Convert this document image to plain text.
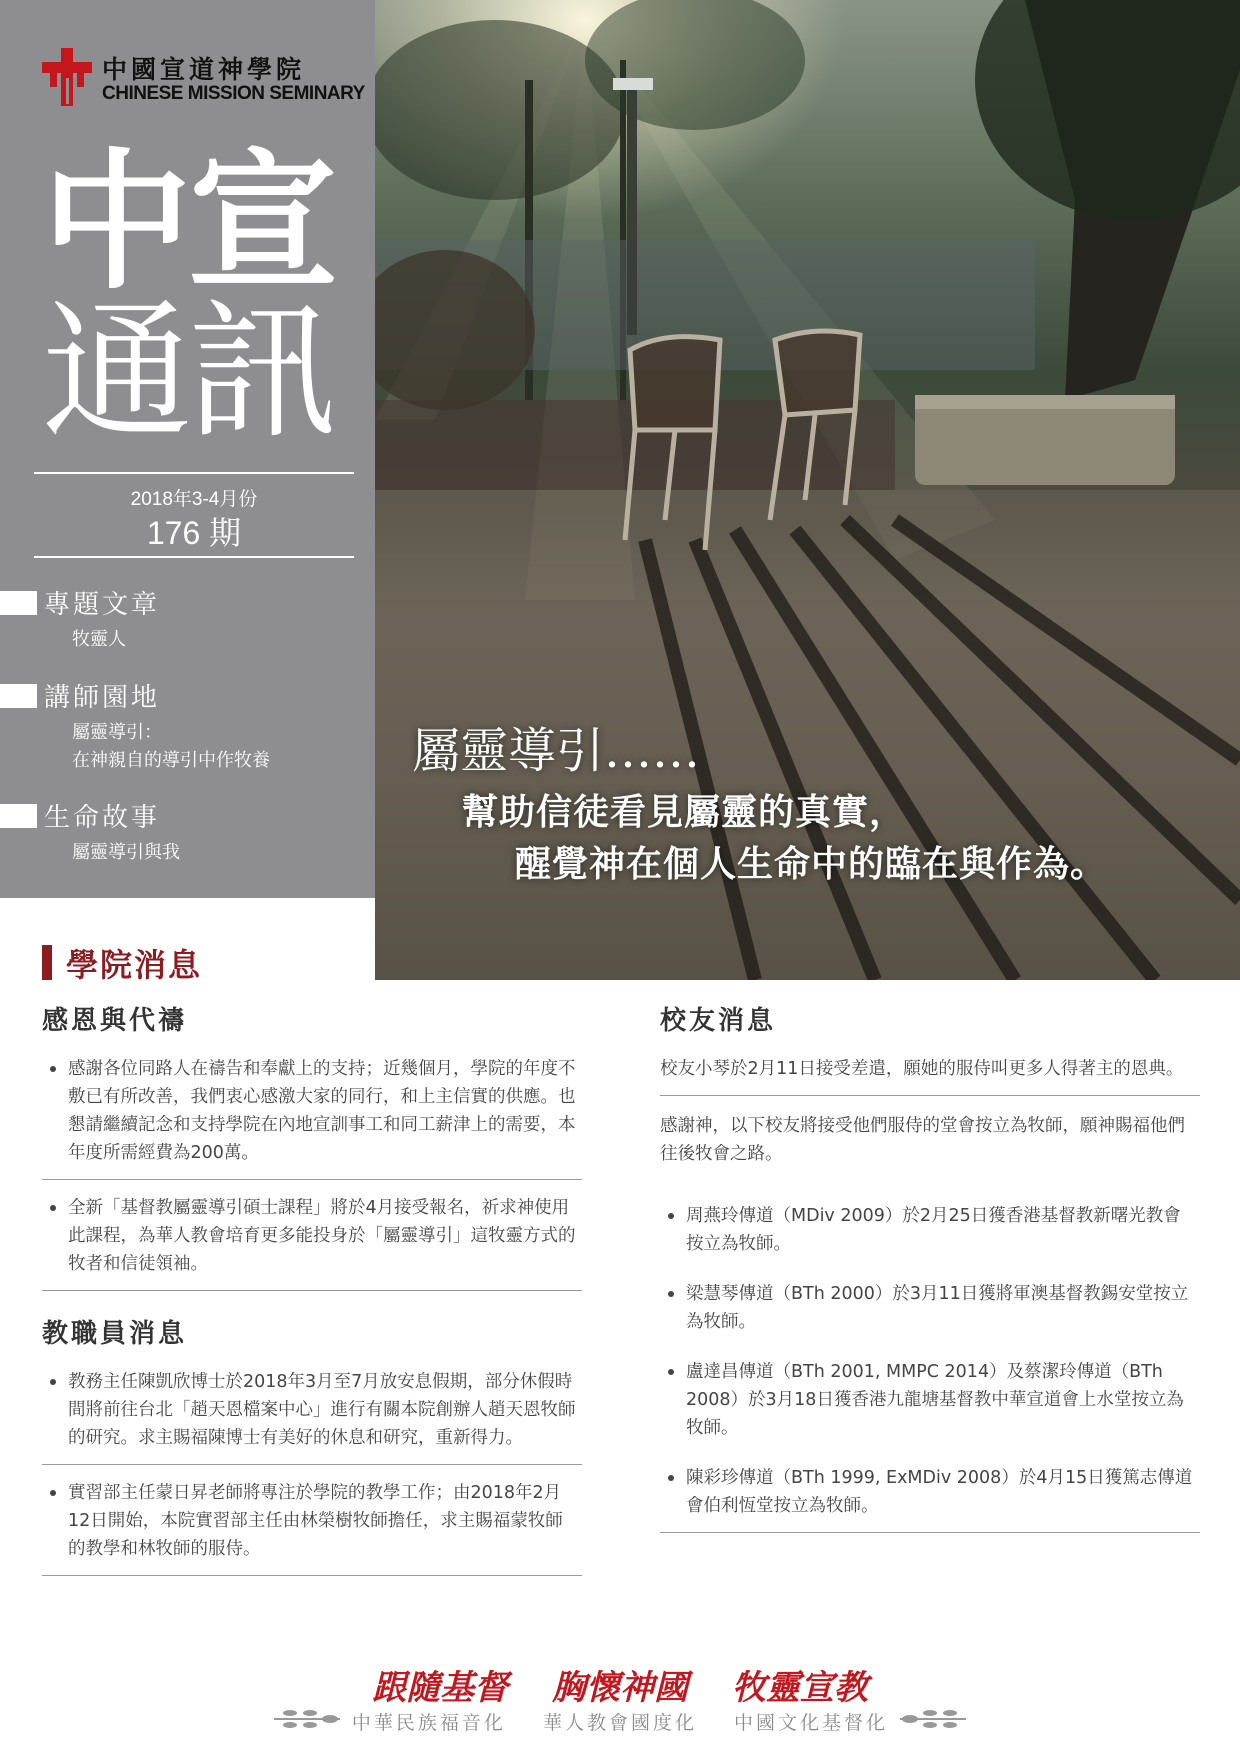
屬靈導引……
幫助信徒看見屬靈的真實，
醒覺神在個人生命中的臨在與作為。
中國宣道神學院
CHINESE MISSION SEMINARY
中宣
通訊
2018年3-4月份
176 期
專題文章
牧靈人
講師園地
屬靈導引：
在神親自的導引中作牧養
生命故事
屬靈導引與我
學院消息
感恩與代禱
感謝各位同路人在禱告和奉獻上的支持；近幾個月，學院的年度不敷已有所改善，我們衷心感激大家的同行，和上主信實的供應。也懇請繼續記念和支持學院在內地宣訓事工和同工薪津上的需要，本年度所需經費為200萬。
全新「基督教屬靈導引碩士課程」將於4月接受報名，祈求神使用此課程，為華人教會培育更多能投身於「屬靈導引」這牧靈方式的牧者和信徒領袖。
教職員消息
教務主任陳凱欣博士於2018年3月至7月放安息假期，部分休假時間將前往台北「趙天恩檔案中心」進行有關本院創辦人趙天恩牧師的研究。求主賜福陳博士有美好的休息和研究，重新得力。
實習部主任蒙日昇老師將專注於學院的教學工作；由2018年2月12日開始，本院實習部主任由林榮樹牧師擔任，求主賜福蒙牧師的教學和林牧師的服侍。
校友消息
校友小琴於2月11日接受差遣，願她的服侍叫更多人得著主的恩典。
感謝神，以下校友將接受他們服侍的堂會按立為牧師，願神賜福他們往後牧會之路。
周燕玲傳道（MDiv 2009）於2月25日獲香港基督教新曙光教會按立為牧師。
梁慧琴傳道（BTh 2000）於3月11日獲將軍澳基督教錫安堂按立為牧師。
盧達昌傳道（BTh 2001, MMPC 2014）及蔡潔玲傳道（BTh 2008）於3月18日獲香港九龍塘基督教中華宣道會上水堂按立為牧師。
陳彩珍傳道（BTh 1999, ExMDiv 2008）於4月15日獲篤志傳道會伯利恆堂按立為牧師。
跟隨基督 胸懷神國 牧靈宣教
中華民族福音化 華人教會國度化 中國文化基督化
